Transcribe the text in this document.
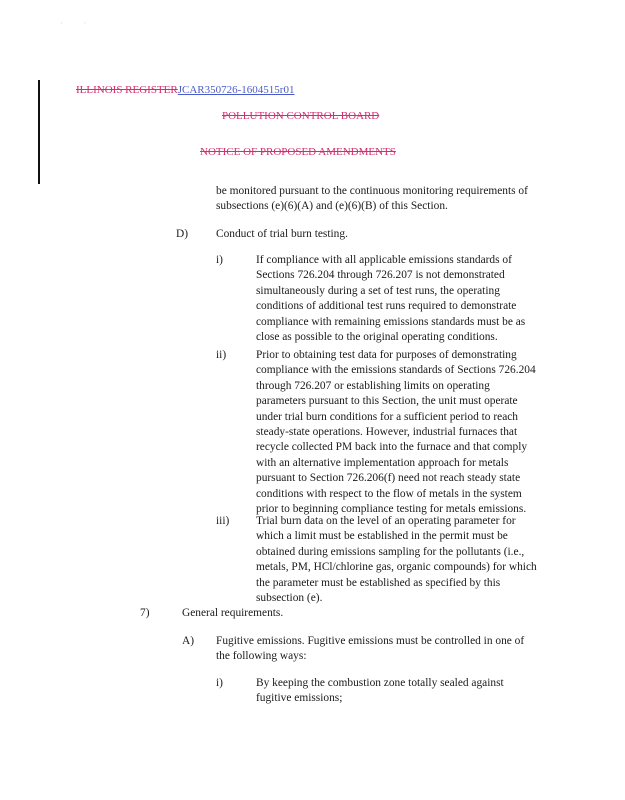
·         ·
ILLINOIS REGISTERJCAR350726-1604515r01
POLLUTION CONTROL BOARD
NOTICE OF PROPOSED AMENDMENTS

be monitored pursuant to the continuous monitoring requirements of subsections (e)(6)(A) and (e)(6)(B) of this Section.

D) Conduct of trial burn testing.

i)	If compliance with all applicable emissions standards of Sections 726.204 through 726.207 is not demonstrated simultaneously during a set of test runs, the operating conditions of additional test runs required to demonstrate compliance with remaining emissions standards must be as close as possible to the original operating conditions.

ii)	Prior to obtaining test data for purposes of demonstrating compliance with the emissions standards of Sections 726.204 through 726.207 or establishing limits on operating parameters pursuant to this Section, the unit must operate under trial burn conditions for a sufficient period to reach steady-state operations. However, industrial furnaces that recycle collected PM back into the furnace and that comply with an alternative implementation approach for metals pursuant to Section 726.206(f) need not reach steady state conditions with respect to the flow of metals in the system prior to beginning compliance testing for metals emissions.

iii) Trial burn data on the level of an operating parameter for which a limit must be established in the permit must be obtained during emissions sampling for the pollutants (i.e., metals, PM, HCl/chlorine gas, organic compounds) for which the parameter must be established as specified by this subsection (e).

7)	General requirements.

A) Fugitive emissions. Fugitive emissions must be controlled in one of the following ways:

i)	By keeping the combustion zone totally sealed against fugitive emissions;
